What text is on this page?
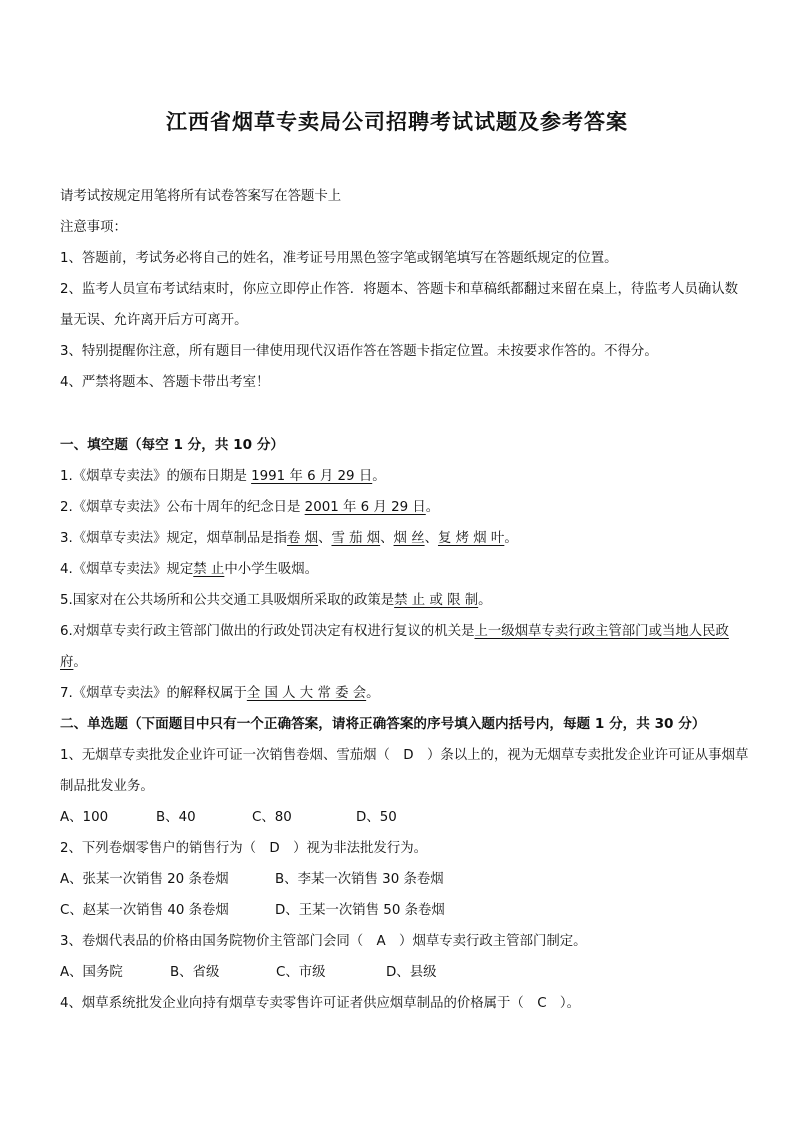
江西省烟草专卖局公司招聘考试试题及参考答案

请考试按规定用笔将所有试卷答案写在答题卡上

注意事项：

1、答题前，考试务必将自己的姓名，准考证号用黑色签字笔或钢笔填写在答题纸规定的位置。

2、监考人员宣布考试结束时，你应立即停止作答．将题本、答题卡和草稿纸都翻过来留在桌上，待监考人员确认数量无误、允许离开后方可离开。

3、特别提醒你注意，所有题目一律使用现代汉语作答在答题卡指定位置。未按要求作答的。不得分。

4、严禁将题本、答题卡带出考室！

一、填空题（每空 1 分，共 10 分）

1.《烟草专卖法》的颁布日期是 1991 年 6 月 29 日。

2.《烟草专卖法》公布十周年的纪念日是 2001 年 6 月 29 日。

3.《烟草专卖法》规定，烟草制品是指卷 烟、雪 茄 烟、烟 丝、复 烤 烟 叶。

4.《烟草专卖法》规定禁 止中小学生吸烟。

5.国家对在公共场所和公共交通工具吸烟所采取的政策是禁 止 或 限 制。

6.对烟草专卖行政主管部门做出的行政处罚决定有权进行复议的机关是上一级烟草专卖行政主管部门或当地人民政府。

7.《烟草专卖法》的解释权属于全 国 人 大 常 委 会。

二、单选题（下面题目中只有一个正确答案，请将正确答案的序号填入题内括号内，每题 1 分，共 30 分）

1、无烟草专卖批发企业许可证一次销售卷烟、雪茄烟（　D　）条以上的，视为无烟草专卖批发企业许可证从事烟草制品批发业务。

A、100	B、40	C、80	D、50

2、下列卷烟零售户的销售行为（　D　）视为非法批发行为。

A、张某一次销售 20 条卷烟	B、李某一次销售 30 条卷烟
C、赵某一次销售 40 条卷烟	D、王某一次销售 50 条卷烟

3、卷烟代表品的价格由国务院物价主管部门会同（　A　）烟草专卖行政主管部门制定。

A、国务院	B、省级	C、市级	D、县级

4、烟草系统批发企业向持有烟草专卖零售许可证者供应烟草制品的价格属于（　C　）。
